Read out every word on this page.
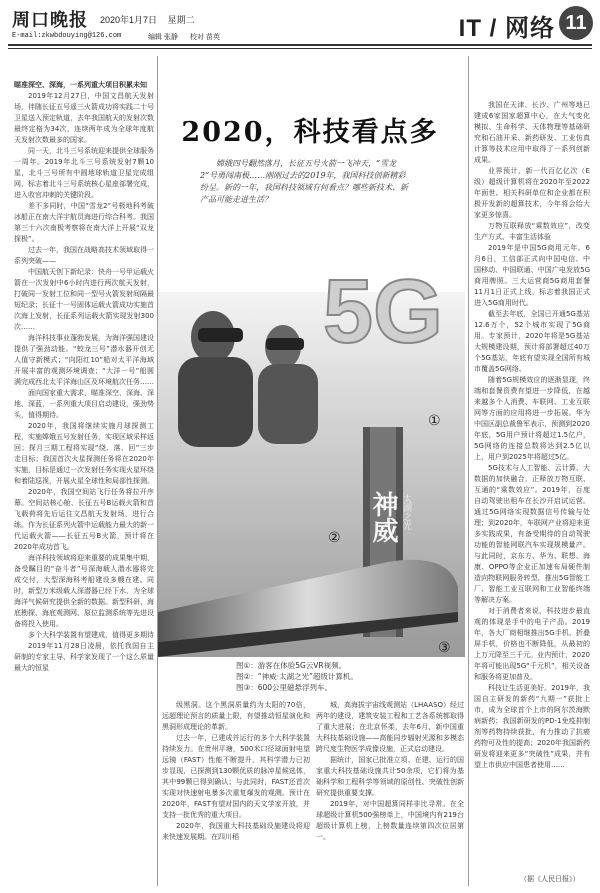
周口晚报 2020年1月7日 星期二
E-mail:zkwbdouying@126.com	编辑 张静 校对 苗英	IT / 网络 11

瞄准深空、深海，一系列重大项目积累未知

2019年12月27日，中国文昌航天发射场，伴随长征五号遥三火箭成功将实践二十号卫星送入预定轨道，去年我国航天的发射次数最终定格为34次，连续两年成为全球年度航天发射次数最多的国家。

同一天，北斗三号系统迎来提供全球服务一周年。2019年北斗三号系统发射7颗10星，北斗三号所有中圆地球轨道卫星完成组网，标志着北斗三号系统核心星座部署完成，进入收官冲刺的关键阶段。

差不多同时，中国“雪龙2”号极地科考破冰船正在南大洋宇航员海进行综合科考。我国第三十六次南极考察将在南大洋上开展“双龙探极”。

过去一年，我国在战略高技术领域取得一系列突破——

中国航天创下新纪录：快舟一号甲运载火箭在一次发射中6小时内进行两次航天发射，打破同一发射工位和同一型号火箭发射间隔最短纪录；长征十一号固体运载火箭成功实施首次海上发射，长征系列运载火箭实现发射300次……

海洋科技事业蓬勃发展，为海洋强国建设提供了强劲动能。“蛟龙三号”潜水器开创无人值守新模式；“向阳红10”船对太平洋海域开展丰富的观测环境调查；“大洋一号”船圆满完成西北太平洋海山区及环境航次任务……

面向国家重大需求，瞄准深空、深海、深地、深蓝，一系列重大项目启动建设，强劲势头，值得期待。

2020年，我国将继续实施月球探测工程，实施嫦娥五号发射任务，实现区域采样返回；探月三期工程将实现“绕、落、回”三步走目标；我国首次火星探测任务将在2020年实施，目标是通过一次发射任务实现火星环绕和着陆巡视，开展火星全球性和局部性探测。

2020年，我国空间站飞行任务将拉开序幕。空间站核心舱、长征五号B运载火箭和首飞载荷将先后运往文昌航天发射场，进行合练。作为长征系列火箭中运载能力最大的新一代运载火箭——长征五号B火箭，预计将在2020年成功首飞。

海洋科技领域将迎来重要的成果集中期，备受瞩目的“奋斗者”号深海载人潜水器将完成交付，大型深海科考船建设多艘在建。同时，新型万米级载人深潜器已经下水，为全球海洋气候研究提供全新的数据。新型科研、海底勘探、海底观测网、原位监测系统等先进设备将投入使用。

多个大科学装置有望建成，值得更多期待

2019年11月28日凌晨，依托我国自主研制的专家主导、科学家发现了一个这么质量最大的恒星

5G
神威 太湖之光
①
②
③
2020，科技看点多
嫦娥四号翻然落月，长征五号火箭一飞冲天，“雪龙2”号勇闯南极……刚刚过去的2019年，我国科技创新精彩纷呈。新的一年，我国科技领域有何看点？哪些新技术、新产品可能走进生活？
图①：游客在体验5G云VR视频。
图②：“神威·太湖之光”超级计算机。
图③：600公里磁悬浮列车。

级黑洞。这个黑洞质量约为太阳的70倍，远超理论预言的质量上限，有望推动恒星演化和黑洞形成理论的革新。

过去一年，已建成并运行的多个大科学装置持续发力。在贵州平塘，500米口径球面射电望远镜（FAST）性能不断提升，其科学潜力已初步显现，已探测到130颗优质的脉冲星候选体，其中99颗已得到确认；与此同时，FAST还首次实现对快速射电暴多次重复爆发的观测。预计在2020年，FAST有望对国内的天文学家开放，并支持一批优秀的重大项目。

2020年，我国重大科技基础设施建设将迎来快速发展期。在四川稻

城，高海拔宇宙线观测站（LHAASO）经过两年的建设，建筑安装工程和工艺各系统都取得了重大进展；在北京怀柔，去年6月，新中国重大科技基础设施——高能同步辐射光源和多模态跨尺度生物医学成像设施，正式启动建设。

据统计，国家已批准立项、在建、运行的国家重大科技基础设施共计50余项，它们将为基础科学和工程科学等领域的原创性、突破性创新研究提供重要支撑。

2019年，对中国超算同样非比寻常。在全球超级计算机500强榜单上，中国境内有219台超级计算机上榜，上榜数量连续第四次位居第一。

我国在天津、长沙、广州等地已建成6家国家超算中心，在大气变化模拟、生命科学、天体物理等基础研究和石油开采、新药研发、工业仿真计算等技术应用中取得了一系列创新成果。

业界预计，新一代百亿亿次（E级）超级计算机将在2020年至2022年面世。相关科研单位和企业都在积极开发新的超算技术，今年将会给大家更多惊喜。

万物互联释放“乘数效应”，改变生产方式、丰富生活体验

2019年是中国5G商用元年。6月6日，工信部正式向中国电信、中国移动、中国联通、中国广电发放5G商用牌照。三大运营商5G商用套餐11月1日正式上线，标志着我国正式进入5G商用时代。

截至去年底，全国已开通5G基站12.6万个，52个城市实现了5G商用。专家预计，2020年将是5G基站大规模建设期，预计将部署超过40万个5G基站，年底有望实现全国所有城市覆盖5G网络。

随着5G规模效应的逐渐显现，终端和套餐资费有望进一步降低，在越来越多个人消费、车联网、工业互联网等方面的应用将进一步拓展。华为中国区副总裁鲁军表示，预测到2020年底，5G用户预计将超过1.5亿户，5G网络的连接总数将达到2.5亿以上，用户到2025年将超过5亿。

5G技术与人工智能、云计算、大数据的加快融合，正释放万物互联、互通的“乘数效应”。2019年，百度自动驾驶出租车在长沙开启试运营。通过5G网络实现数据信号传输与处理；到2020年，车联网产业将迎来更多实践成果，有备受期待的自动驾驶功能的智能网联汽车实现规模量产。与此同时，京东方、华为、联想、海康、OPPO等企业正加速布局硬件制造向物联网服务转型，推出5G智能工厂、智能工业互联网和工业智能终端等解决方案。

对于消费者来说，科技进步最直观的体现是手中的电子产品。2019年，各大厂商相继推出5G手机、折叠屏手机，价格也不断降低，从最初的上万元降至三千元。业内预计，2020年将可能出现5G“千元机”，相关设备和服务将更加普及。

科技让生活更美好。2019年，我国自主研发的新药“九期一”获批上市，成为全球首个上市的阿尔茨海默病新药；我国新研发的PD-1免疫抑制剂等药物持续获批，有力推动了抗癌药物可及性的提高；2020年我国新药研发将迎来更多“突破性”成果，并有望上市供应中国患者使用……

（据《人民日报》）
